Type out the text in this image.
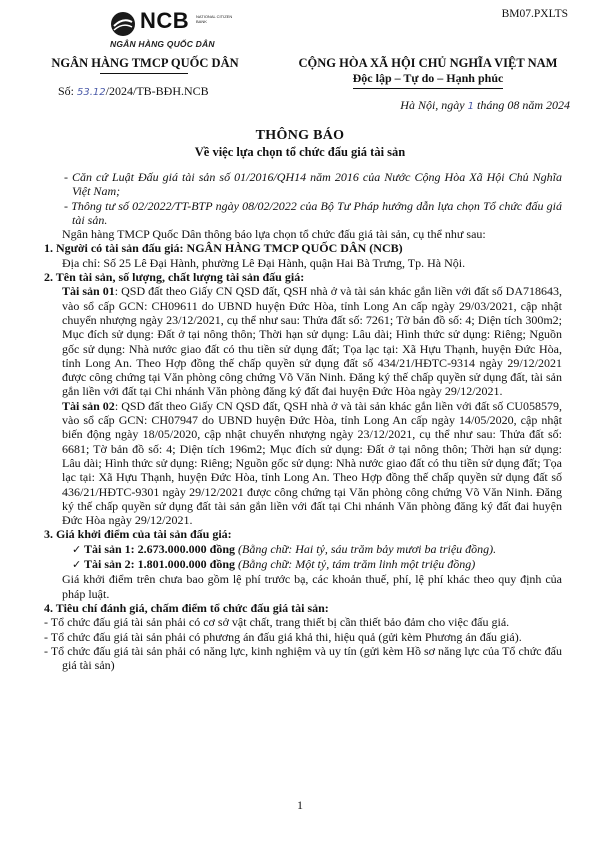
NCB NATIONAL CITIZEN BANK
NGÂN HÀNG QUỐC DÂN
BM07.PXLTS
NGÂN HÀNG TMCP QUỐC DÂN	CỘNG HÒA XÃ HỘI CHỦ NGHĨA VIỆT NAM
Độc lập – Tự do – Hạnh phúc
Số: 53.12/2024/TB-BĐH.NCB
Hà Nội, ngày 1 tháng 08 năm 2024
THÔNG BÁO
Về việc lựa chọn tổ chức đấu giá tài sản

- Căn cứ Luật Đấu giá tài sản số 01/2016/QH14 năm 2016 của Nước Cộng Hòa Xã Hội Chủ Nghĩa Việt Nam;

- Thông tư số 02/2022/TT-BTP ngày 08/02/2022 của Bộ Tư Pháp hướng dẫn lựa chọn Tổ chức đấu giá tài sản.

Ngân hàng TMCP Quốc Dân thông báo lựa chọn tổ chức đấu giá tài sản, cụ thể như sau:

1. Người có tài sản đấu giá: NGÂN HÀNG TMCP QUỐC DÂN (NCB)

Địa chỉ: Số 25 Lê Đại Hành, phường Lê Đại Hành, quận Hai Bà Trưng, Tp. Hà Nội.

2. Tên tài sản, số lượng, chất lượng tài sản đấu giá:

Tài sản 01: QSD đất theo Giấy CN QSD đất, QSH nhà ở và tài sản khác gắn liền với đất số DA718643, vào sổ cấp GCN: CH09611 do UBND huyện Đức Hòa, tỉnh Long An cấp ngày 29/03/2021, cập nhật chuyển nhượng ngày 23/12/2021, cụ thể như sau: Thửa đất số: 7261; Tờ bản đồ số: 4; Diện tích 300m2; Mục đích sử dụng: Đất ở tại nông thôn; Thời hạn sử dụng: Lâu dài; Hình thức sử dụng: Riêng; Nguồn gốc sử dụng: Nhà nước giao đất có thu tiền sử dụng đất; Tọa lạc tại: Xã Hựu Thạnh, huyện Đức Hòa, tỉnh Long An. Theo Hợp đồng thế chấp quyền sử dụng đất số 434/21/HĐTC-9314 ngày 29/12/2021 được công chứng tại Văn phòng công chứng Võ Văn Ninh. Đăng ký thế chấp quyền sử dụng đất, tài sản gắn liền với đất tại Chi nhánh Văn phòng đăng ký đất đai huyện Đức Hòa ngày 29/12/2021.

Tài sản 02: QSD đất theo Giấy CN QSD đất, QSH nhà ở và tài sản khác gắn liền với đất số CU058579, vào sổ cấp GCN: CH07947 do UBND huyện Đức Hòa, tỉnh Long An cấp ngày 14/05/2020, cập nhật biến động ngày 18/05/2020, cập nhật chuyển nhượng ngày 23/12/2021, cụ thể như sau: Thửa đất số: 6681; Tờ bản đồ số: 4; Diện tích 196m2; Mục đích sử dụng: Đất ở tại nông thôn; Thời hạn sử dụng: Lâu dài; Hình thức sử dụng: Riêng; Nguồn gốc sử dụng: Nhà nước giao đất có thu tiền sử dụng đất; Tọa lạc tại: Xã Hựu Thạnh, huyện Đức Hòa, tỉnh Long An. Theo Hợp đồng thế chấp quyền sử dụng đất số 436/21/HĐTC-9301 ngày 29/12/2021 được công chứng tại Văn phòng công chứng Võ Văn Ninh. Đăng ký thế chấp quyền sử dụng đất tài sản gắn liền với đất tại Chi nhánh Văn phòng đăng ký đất đai huyện Đức Hòa ngày 29/12/2021.

3. Giá khởi điểm của tài sản đấu giá:

✓ Tài sản 1: 2.673.000.000 đồng (Bằng chữ: Hai tỷ, sáu trăm bảy mươi ba triệu đồng).

✓ Tài sản 2: 1.801.000.000 đồng (Bằng chữ: Một tỷ, tám trăm linh một triệu đồng)

Giá khởi điểm trên chưa bao gồm lệ phí trước bạ, các khoản thuế, phí, lệ phí khác theo quy định của pháp luật.

4. Tiêu chí đánh giá, chấm điểm tổ chức đấu giá tài sản:

- Tổ chức đấu giá tài sản phải có cơ sở vật chất, trang thiết bị cần thiết bảo đảm cho việc đấu giá.

- Tổ chức đấu giá tài sản phải có phương án đấu giá khả thi, hiệu quả (gửi kèm Phương án đấu giá).

- Tổ chức đấu giá tài sản phải có năng lực, kinh nghiệm và uy tín (gửi kèm Hồ sơ năng lực của Tổ chức đấu giá tài sản)

1
